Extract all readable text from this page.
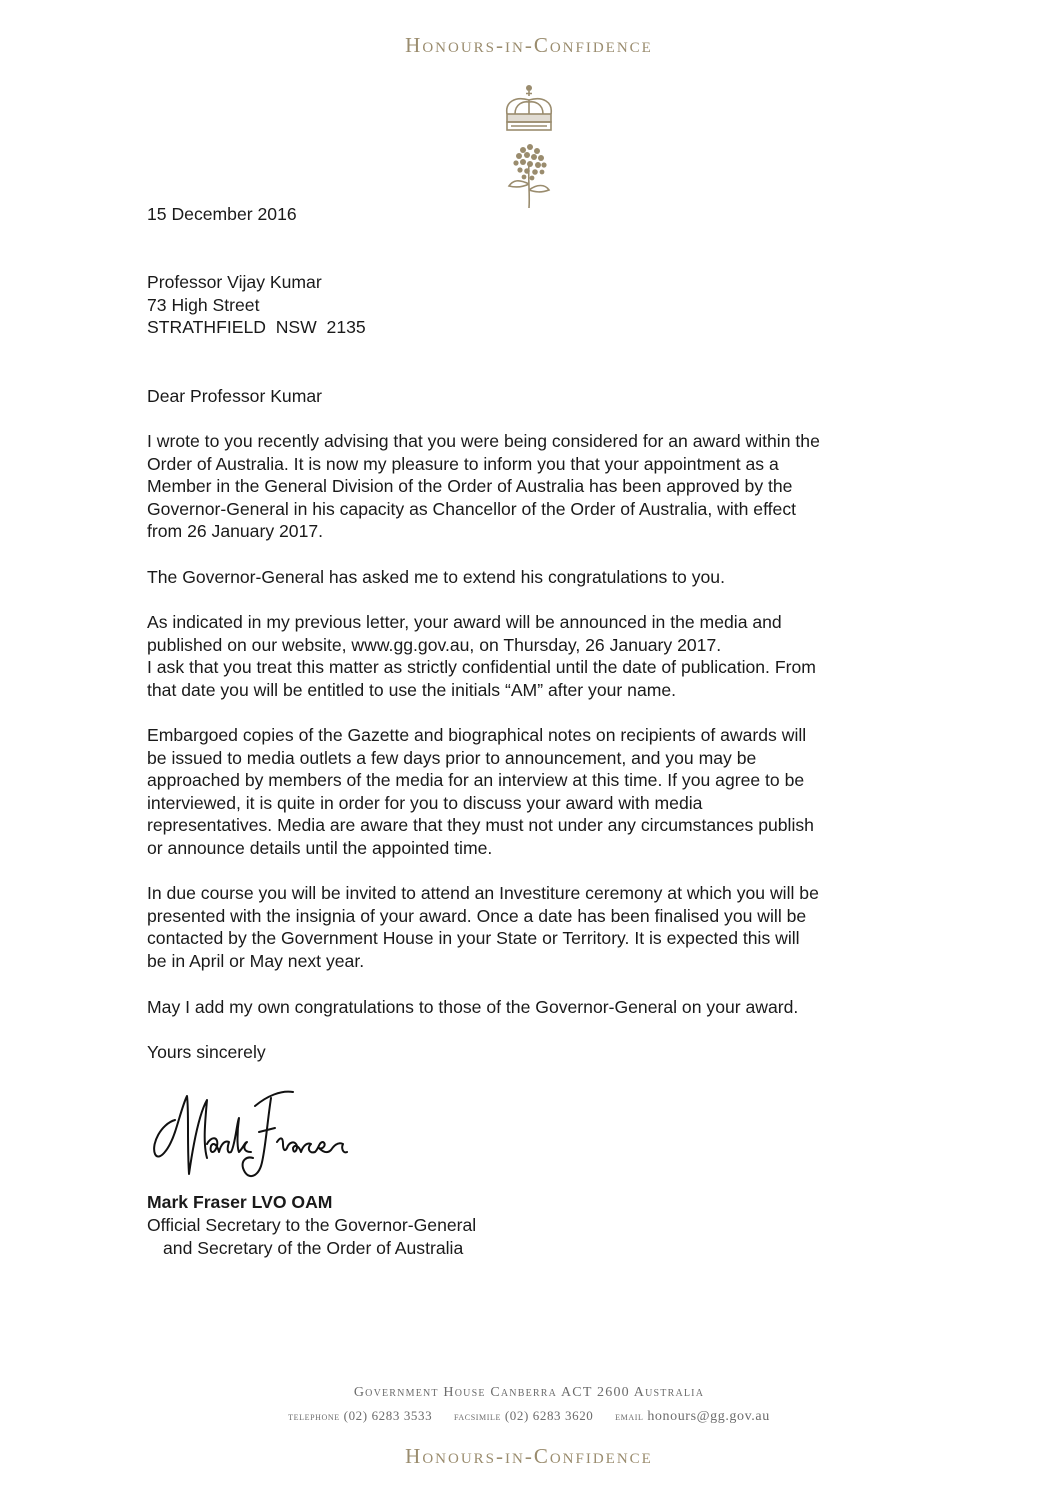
Honours-in-Confidence
15 December 2016
Professor Vijay Kumar
73 High Street
STRATHFIELD  NSW  2135
Dear Professor Kumar
I wrote to you recently advising that you were being considered for an award within the
Order of Australia. It is now my pleasure to inform you that your appointment as a
Member in the General Division of the Order of Australia has been approved by the
Governor-General in his capacity as Chancellor of the Order of Australia, with effect
from 26 January 2017.
The Governor-General has asked me to extend his congratulations to you.
As indicated in my previous letter, your award will be announced in the media and
published on our website, www.gg.gov.au, on Thursday, 26 January 2017.
I ask that you treat this matter as strictly confidential until the date of publication. From
that date you will be entitled to use the initials “AM” after your name.
Embargoed copies of the Gazette and biographical notes on recipients of awards will
be issued to media outlets a few days prior to announcement, and you may be
approached by members of the media for an interview at this time. If you agree to be
interviewed, it is quite in order for you to discuss your award with media
representatives. Media are aware that they must not under any circumstances publish
or announce details until the appointed time.
In due course you will be invited to attend an Investiture ceremony at which you will be
presented with the insignia of your award. Once a date has been finalised you will be
contacted by the Government House in your State or Territory. It is expected this will
be in April or May next year.
May I add my own congratulations to those of the Governor-General on your award.
Yours sincerely
Mark Fraser LVO OAM
Official Secretary to the Governor-General
and Secretary of the Order of Australia
Government House Canberra ACT 2600 Australia
telephone (02) 6283 3533 facsimile (02) 6283 3620 email honours@gg.gov.au
Honours-in-Confidence
